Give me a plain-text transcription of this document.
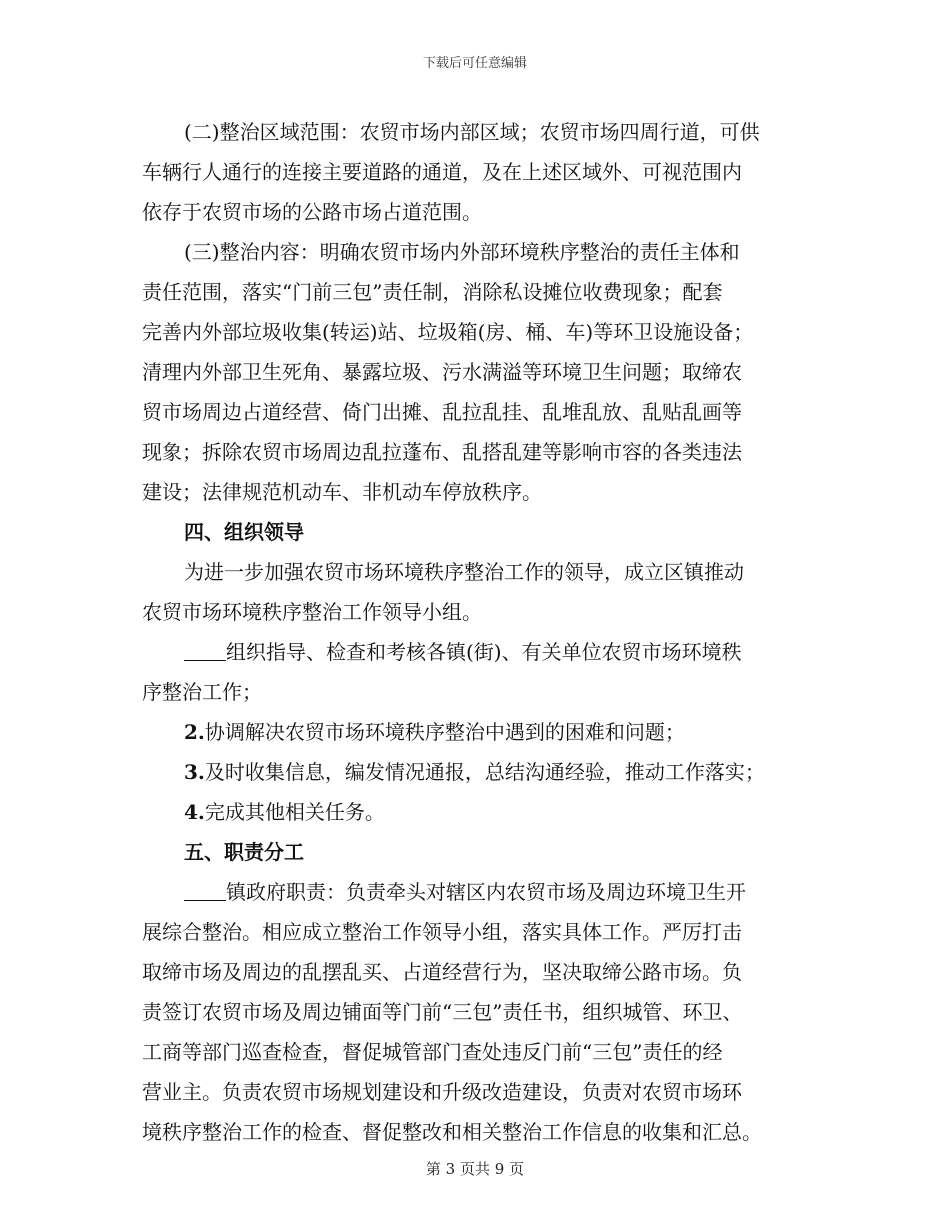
下载后可任意编辑
(二)整治区域范围：农贸市场内部区域；农贸市场四周行道，可供
车辆行人通行的连接主要道路的通道，及在上述区域外、可视范围内
依存于农贸市场的公路市场占道范围。
(三)整治内容：明确农贸市场内外部环境秩序整治的责任主体和
责任范围，落实“门前三包”责任制，消除私设摊位收费现象；配套
完善内外部垃圾收集(转运)站、垃圾箱(房、桶、车)等环卫设施设备；
清理内外部卫生死角、暴露垃圾、污水满溢等环境卫生问题；取缔农
贸市场周边占道经营、倚门出摊、乱拉乱挂、乱堆乱放、乱贴乱画等
现象；拆除农贸市场周边乱拉蓬布、乱搭乱建等影响市容的各类违法
建设；法律规范机动车、非机动车停放秩序。
四、组织领导
为进一步加强农贸市场环境秩序整治工作的领导，成立区镇推动
农贸市场环境秩序整治工作领导小组。
组织指导、检查和考核各镇(街)、有关单位农贸市场环境秩
序整治工作；
2.协调解决农贸市场环境秩序整治中遇到的困难和问题；
3.及时收集信息，编发情况通报，总结沟通经验，推动工作落实；
4.完成其他相关任务。
五、职责分工
镇政府职责：负责牵头对辖区内农贸市场及周边环境卫生开
展综合整治。相应成立整治工作领导小组，落实具体工作。严厉打击
取缔市场及周边的乱摆乱买、占道经营行为，坚决取缔公路市场。负
责签订农贸市场及周边铺面等门前“三包”责任书，组织城管、环卫、
工商等部门巡查检查，督促城管部门查处违反门前“三包”责任的经
营业主。负责农贸市场规划建设和升级改造建设，负责对农贸市场环
境秩序整治工作的检查、督促整改和相关整治工作信息的收集和汇总。
第 3 页共 9 页
